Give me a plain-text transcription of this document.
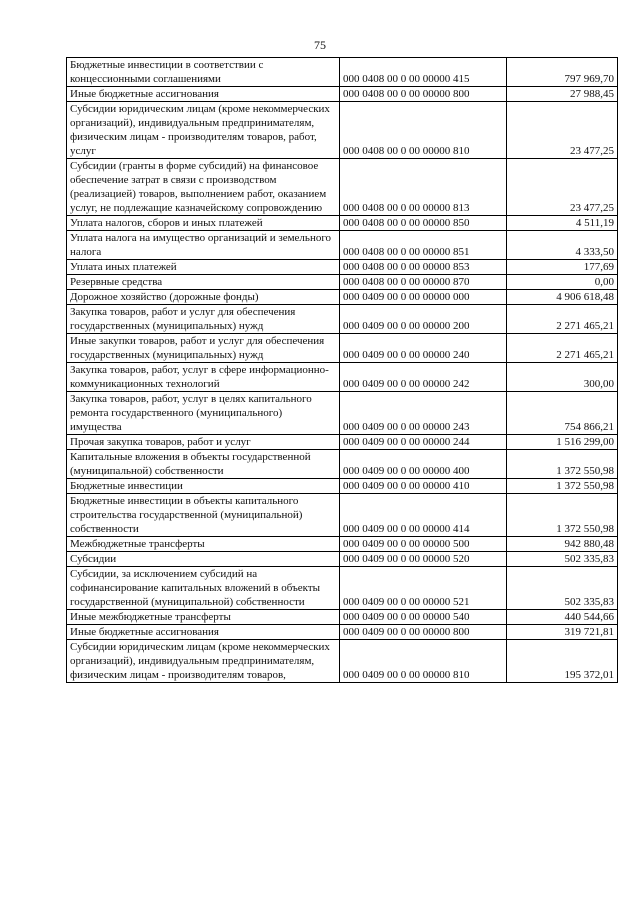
75
Бюджетные инвестиции в соответствии с концессионными соглашениями	000 0408 00 0 00 00000 415	797 969,70
Иные бюджетные ассигнования	000 0408 00 0 00 00000 800	27 988,45
Субсидии юридическим лицам (кроме некоммерческих организаций), индивидуальным предпринимателям, физическим лицам - производителям товаров, работ, услуг	000 0408 00 0 00 00000 810	23 477,25
Субсидии (гранты в форме субсидий) на финансовое обеспечение затрат в связи с производством (реализацией) товаров, выполнением работ, оказанием услуг, не подлежащие казначейскому сопровождению	000 0408 00 0 00 00000 813	23 477,25
Уплата налогов, сборов и иных платежей	000 0408 00 0 00 00000 850	4 511,19
Уплата налога на имущество организаций и земельного налога	000 0408 00 0 00 00000 851	4 333,50
Уплата иных платежей	000 0408 00 0 00 00000 853	177,69
Резервные средства	000 0408 00 0 00 00000 870	0,00
Дорожное хозяйство (дорожные фонды)	000 0409 00 0 00 00000 000	4 906 618,48
Закупка товаров, работ и услуг для обеспечения государственных (муниципальных) нужд	000 0409 00 0 00 00000 200	2 271 465,21
Иные закупки товаров, работ и услуг для обеспечения государственных (муниципальных) нужд	000 0409 00 0 00 00000 240	2 271 465,21
Закупка товаров, работ, услуг в сфере информационно-коммуникационных технологий	000 0409 00 0 00 00000 242	300,00
Закупка товаров, работ, услуг в целях капитального ремонта государственного (муниципального) имущества	000 0409 00 0 00 00000 243	754 866,21
Прочая закупка товаров, работ и услуг	000 0409 00 0 00 00000 244	1 516 299,00
Капитальные вложения в объекты государственной (муниципальной) собственности	000 0409 00 0 00 00000 400	1 372 550,98
Бюджетные инвестиции	000 0409 00 0 00 00000 410	1 372 550,98
Бюджетные инвестиции в объекты капитального строительства государственной (муниципальной) собственности	000 0409 00 0 00 00000 414	1 372 550,98
Межбюджетные трансферты	000 0409 00 0 00 00000 500	942 880,48
Субсидии	000 0409 00 0 00 00000 520	502 335,83
Субсидии, за исключением субсидий на софинансирование капитальных вложений в объекты государственной (муниципальной) собственности	000 0409 00 0 00 00000 521	502 335,83
Иные межбюджетные трансферты	000 0409 00 0 00 00000 540	440 544,66
Иные бюджетные ассигнования	000 0409 00 0 00 00000 800	319 721,81
Субсидии юридическим лицам (кроме некоммерческих организаций), индивидуальным предпринимателям, физическим лицам - производителям товаров,	000 0409 00 0 00 00000 810	195 372,01
